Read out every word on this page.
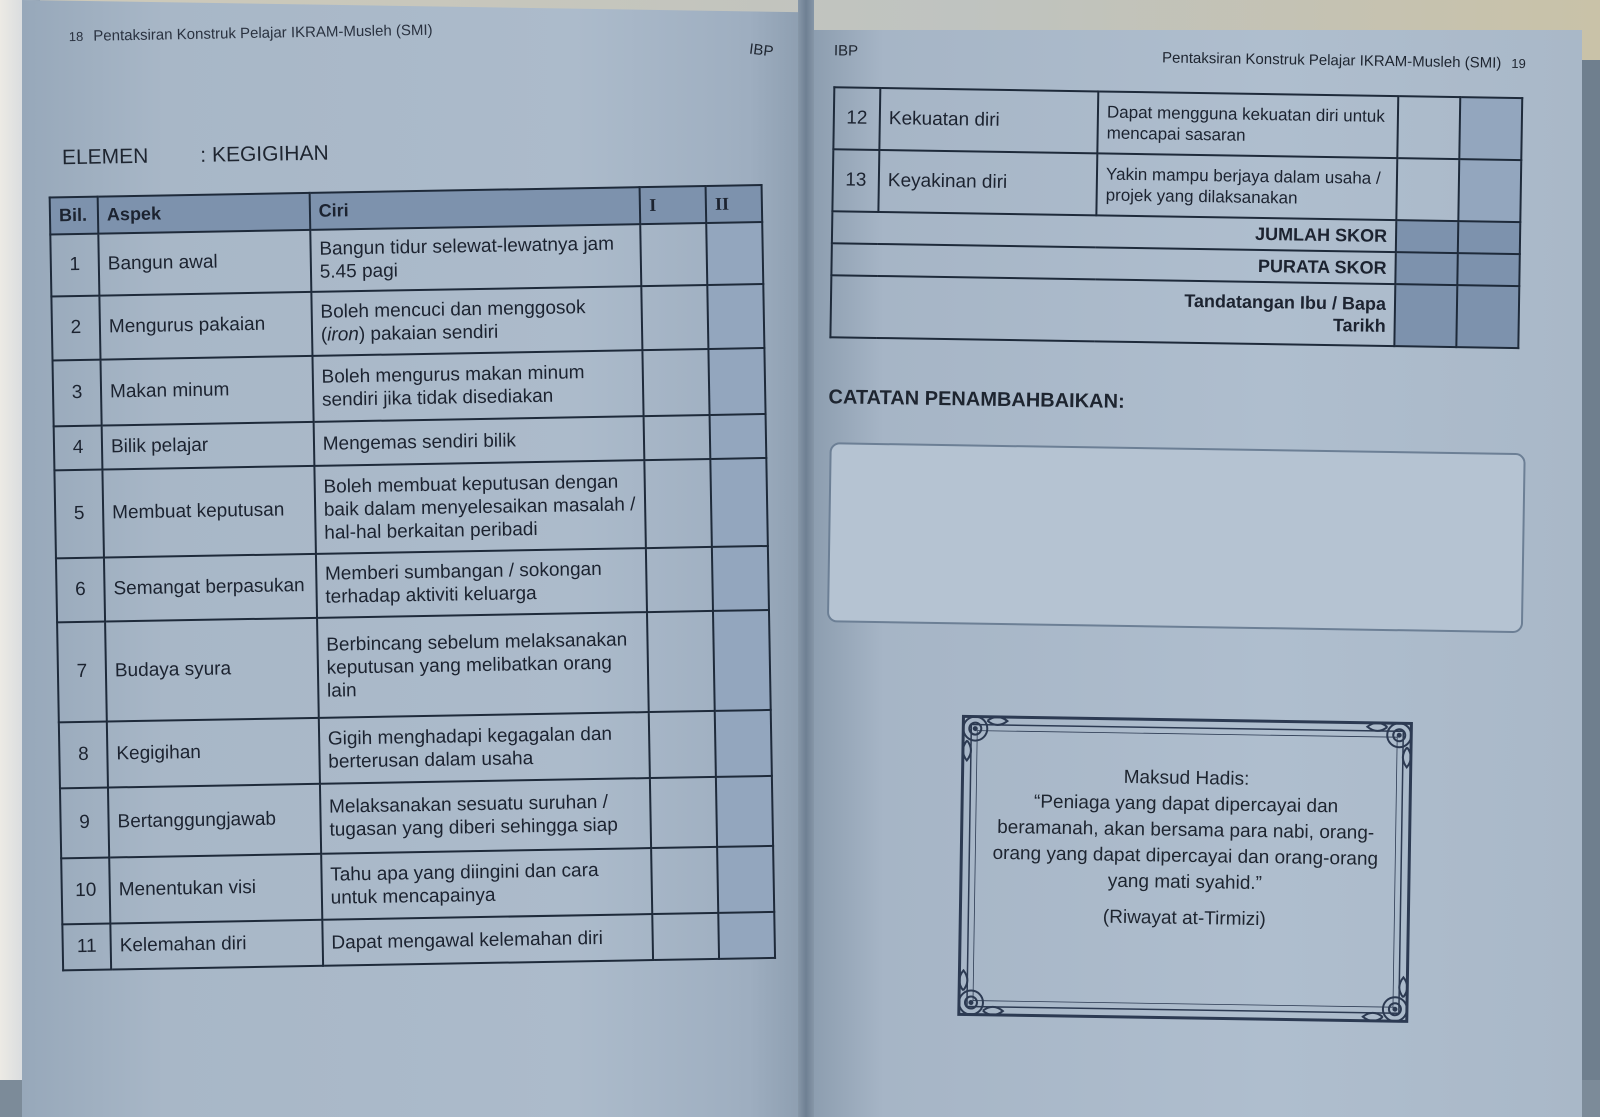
18 Pentaksiran Konstruk Pelajar IKRAM-Musleh (SMI)
IBP
ELEMEN : KEGIGIHAN
Bil.	Aspek	Ciri	I	II
1	Bangun awal	Bangun tidur selewat-lewatnya jam 5.45 pagi		
2	Mengurus pakaian	Boleh mencuci dan menggosok (iron) pakaian sendiri		
3	Makan minum	Boleh mengurus makan minum sendiri jika tidak disediakan		
4	Bilik pelajar	Mengemas sendiri bilik		
5	Membuat keputusan	Boleh membuat keputusan dengan baik dalam menyelesaikan masalah / hal-hal berkaitan peribadi		
6	Semangat berpasukan	Memberi sumbangan / sokongan terhadap aktiviti keluarga		
7	Budaya syura	Berbincang sebelum melaksanakan keputusan yang melibatkan orang lain		
8	Kegigihan	Gigih menghadapi kegagalan dan berterusan dalam usaha		
9	Bertanggungjawab	Melaksanakan sesuatu suruhan / tugasan yang diberi sehingga siap		
10	Menentukan visi	Tahu apa yang diingini dan cara untuk mencapainya		
11	Kelemahan diri	Dapat mengawal kelemahan diri		
IBP	Pentaksiran Konstruk Pelajar IKRAM-Musleh (SMI) 19
12	Kekuatan diri	Dapat mengguna kekuatan diri untuk mencapai sasaran		
13	Keyakinan diri	Yakin mampu berjaya dalam usaha / projek yang dilaksanakan		
JUMLAH SKOR				
PURATA SKOR				

Tandatangan Ibu / Bapa
Tarikh				

CATATAN PENAMBAHBAIKAN:
Maksud Hadis:
“Peniaga yang dapat dipercayai dan beramanah, akan bersama para nabi, orang-orang yang dapat dipercayai dan orang-orang yang mati syahid.”
(Riwayat at-Tirmizi)
